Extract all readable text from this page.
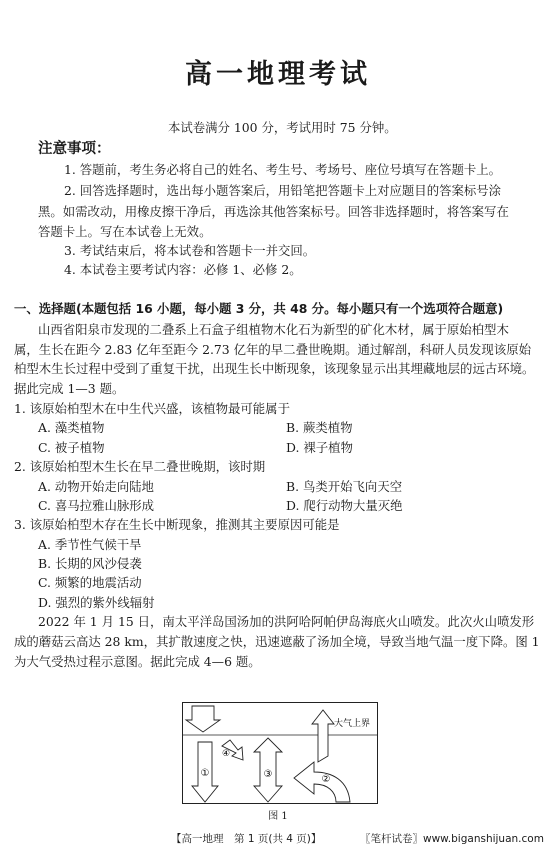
高一地理考试
本试卷满分 100 分，考试用时 75 分钟。
注意事项：
1. 答题前，考生务必将自己的姓名、考生号、考场号、座位号填写在答题卡上。
2. 回答选择题时，选出每小题答案后，用铅笔把答题卡上对应题目的答案标号涂
黑。如需改动，用橡皮擦干净后，再选涂其他答案标号。回答非选择题时，将答案写在
答题卡上。写在本试卷上无效。
3. 考试结束后，将本试卷和答题卡一并交回。
4. 本试卷主要考试内容：必修 1、必修 2。
一、选择题(本题包括 16 小题，每小题 3 分，共 48 分。每小题只有一个选项符合题意)
山西省阳泉市发现的二叠系上石盒子组植物木化石为新型的矿化木材，属于原始柏型木
属，生长在距今 2.83 亿年至距今 2.73 亿年的早二叠世晚期。通过解剖，科研人员发现该原始
柏型木生长过程中受到了重复干扰，出现生长中断现象，该现象显示出其埋藏地层的远古环境。
据此完成 1—3 题。
1. 该原始柏型木在中生代兴盛，该植物最可能属于
A. 藻类植物	B. 蕨类植物
C. 被子植物	D. 裸子植物
2. 该原始柏型木生长在早二叠世晚期，该时期
A. 动物开始走向陆地	B. 鸟类开始飞向天空
C. 喜马拉雅山脉形成	D. 爬行动物大量灭绝
3. 该原始柏型木存在生长中断现象，推测其主要原因可能是
A. 季节性气候干旱
B. 长期的风沙侵袭
C. 频繁的地震活动
D. 强烈的紫外线辐射
2022 年 1 月 15 日，南太平洋岛国汤加的洪阿哈阿帕伊岛海底火山喷发。此次火山喷发形
成的蘑菇云高达 28 km，其扩散速度之快，迅速遮蔽了汤加全境，导致当地气温一度下降。图 1
为大气受热过程示意图。据此完成 4—6 题。
大气上界
①
④
③	②
图 1
【高一地理　第 1 页(共 4 页)】	〖笔杆试卷〗www.biganshijuan.com
